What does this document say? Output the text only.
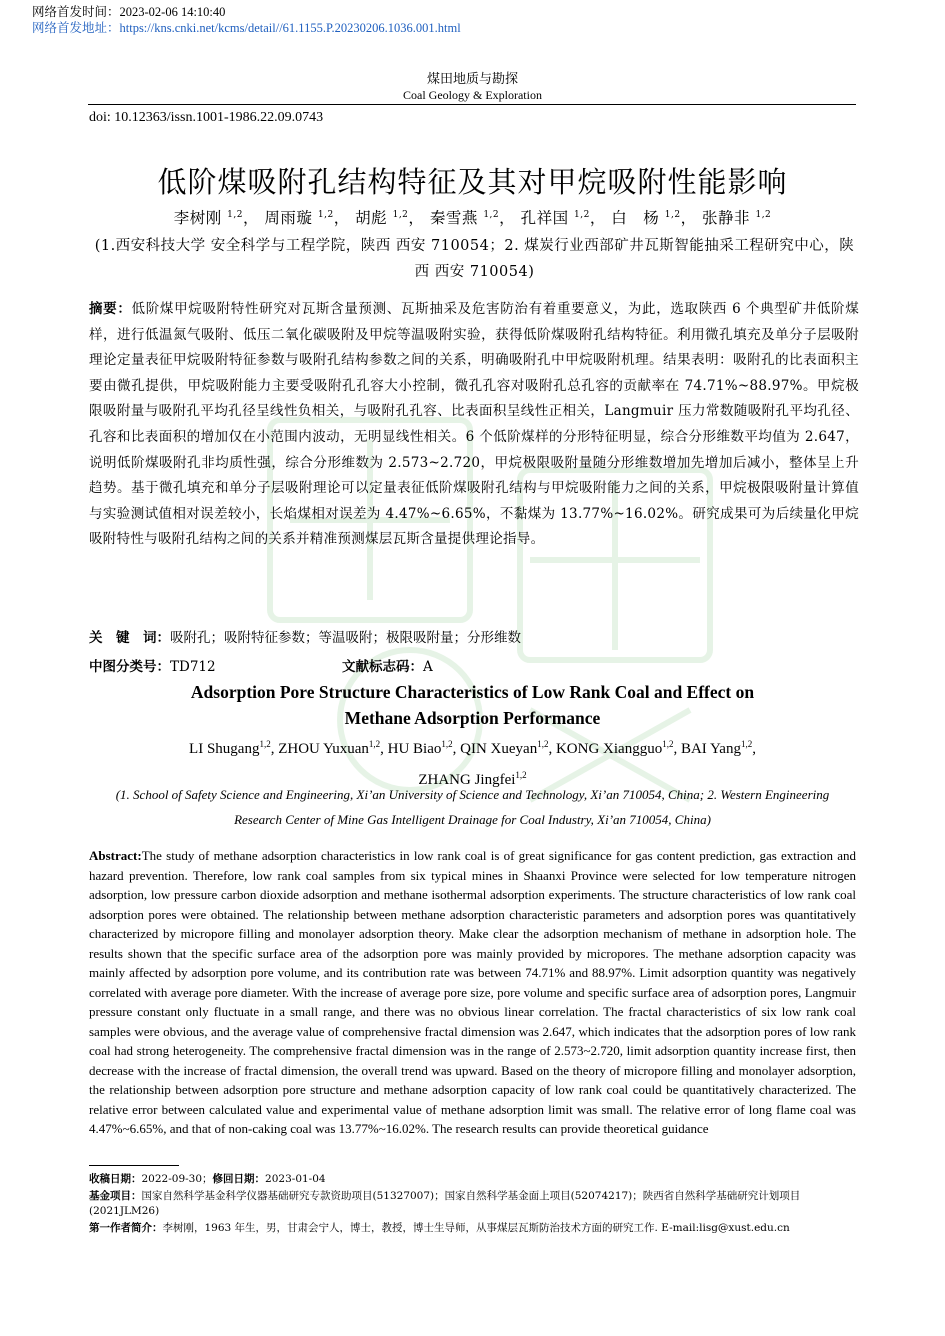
网络首发时间：2023-02-06 14:10:40
网络首发地址：https://kns.cnki.net/kcms/detail//61.1155.P.20230206.1036.001.html
煤田地质与勘探
Coal Geology & Exploration
doi: 10.12363/issn.1001-1986.22.09.0743
低阶煤吸附孔结构特征及其对甲烷吸附性能影响
李树刚 $^{1,2}$， 周雨璇 $^{1,2}$， 胡彪 $^{1,2}$， 秦雪燕 $^{1,2}$， 孔祥国 $^{1,2}$， 白　杨 $^{1,2}$， 张静非 $^{1,2}$
(1.西安科技大学 安全科学与工程学院，陕西 西安 710054；2. 煤炭行业西部矿井瓦斯智能抽采工程研究中心，陕西 西安 710054)
摘要：低阶煤甲烷吸附特性研究对瓦斯含量预测、瓦斯抽采及危害防治有着重要意义，为此，选取陕西 6 个典型矿井低阶煤样，进行低温氮气吸附、低压二氧化碳吸附及甲烷等温吸附实验，获得低阶煤吸附孔结构特征。利用微孔填充及单分子层吸附理论定量表征甲烷吸附特征参数与吸附孔结构参数之间的关系，明确吸附孔中甲烷吸附机理。结果表明：吸附孔的比表面积主要由微孔提供，甲烷吸附能力主要受吸附孔孔容大小控制，微孔孔容对吸附孔总孔容的贡献率在 74.71%~88.97%。甲烷极限吸附量与吸附孔平均孔径呈线性负相关，与吸附孔孔容、比表面积呈线性正相关，Langmuir 压力常数随吸附孔平均孔径、孔容和比表面积的增加仅在小范围内波动，无明显线性相关。6 个低阶煤样的分形特征明显，综合分形维数平均值为 2.647，说明低阶煤吸附孔非均质性强，综合分形维数为 2.573~2.720，甲烷极限吸附量随分形维数增加先增加后减小，整体呈上升趋势。基于微孔填充和单分子层吸附理论可以定量表征低阶煤吸附孔结构与甲烷吸附能力之间的关系，甲烷极限吸附量计算值与实验测试值相对误差较小，长焰煤相对误差为 4.47%~6.65%，不黏煤为 13.77%~16.02%。研究成果可为后续量化甲烷吸附特性与吸附孔结构之间的关系并精准预测煤层瓦斯含量提供理论指导。
关　键　词：吸附孔；吸附特征参数；等温吸附；极限吸附量；分形维数
中图分类号：TD712	文献标志码：A
Adsorption Pore Structure Characteristics of Low Rank Coal and Effect on
Methane Adsorption Performance
LI Shugang$^{1,2}$, ZHOU Yuxuan$^{1,2}$, HU Biao$^{1,2}$, QIN Xueyan$^{1,2}$, KONG Xiangguo$^{1,2}$, BAI Yang$^{1,2}$,
ZHANG Jingfei$^{1,2}$
(1. School of Safety Science and Engineering, Xi’an University of Science and Technology, Xi’an 710054, China; 2. Western Engineering Research Center of Mine Gas Intelligent Drainage for Coal Industry, Xi’an 710054, China)
Abstract:The study of methane adsorption characteristics in low rank coal is of great significance for gas content prediction, gas extraction and hazard prevention. Therefore, low rank coal samples from six typical mines in Shaanxi Province were selected for low temperature nitrogen adsorption, low pressure carbon dioxide adsorption and methane isothermal adsorption experiments. The structure characteristics of low rank coal adsorption pores were obtained. The relationship between methane adsorption characteristic parameters and adsorption pores was quantitatively characterized by micropore filling and monolayer adsorption theory. Make clear the adsorption mechanism of methane in adsorption hole. The results shown that the specific surface area of the adsorption pore was mainly provided by micropores. The methane adsorption capacity was mainly affected by adsorption pore volume, and its contribution rate was between 74.71% and 88.97%. Limit adsorption quantity was negatively correlated with average pore diameter. With the increase of average pore size, pore volume and specific surface area of adsorption pores, Langmuir pressure constant only fluctuate in a small range, and there was no obvious linear correlation. The fractal characteristics of six low rank coal samples were obvious, and the average value of comprehensive fractal dimension was 2.647, which indicates that the adsorption pores of low rank coal had strong heterogeneity. The comprehensive fractal dimension was in the range of 2.573~2.720, limit adsorption quantity increase first, then decrease with the increase of fractal dimension, the overall trend was upward. Based on the theory of micropore filling and monolayer adsorption, the relationship between adsorption pore structure and methane adsorption capacity of low rank coal could be quantitatively characterized. The relative error between calculated value and experimental value of methane adsorption limit was small. The relative error of long flame coal was 4.47%~6.65%, and that of non-caking coal was 13.77%~16.02%. The research results can provide theoretical guidance
收稿日期：2022-09-30；修回日期：2023-01-04
基金项目：国家自然科学基金科学仪器基础研究专款资助项目(51327007)；国家自然科学基金面上项目(52074217)；陕西省自然科学基础研究计划项目(2021JLM26)
第一作者简介：李树刚，1963 年生，男，甘肃会宁人，博士，教授，博士生导师，从事煤层瓦斯防治技术方面的研究工作. E-mail:lisg@xust.edu.cn
